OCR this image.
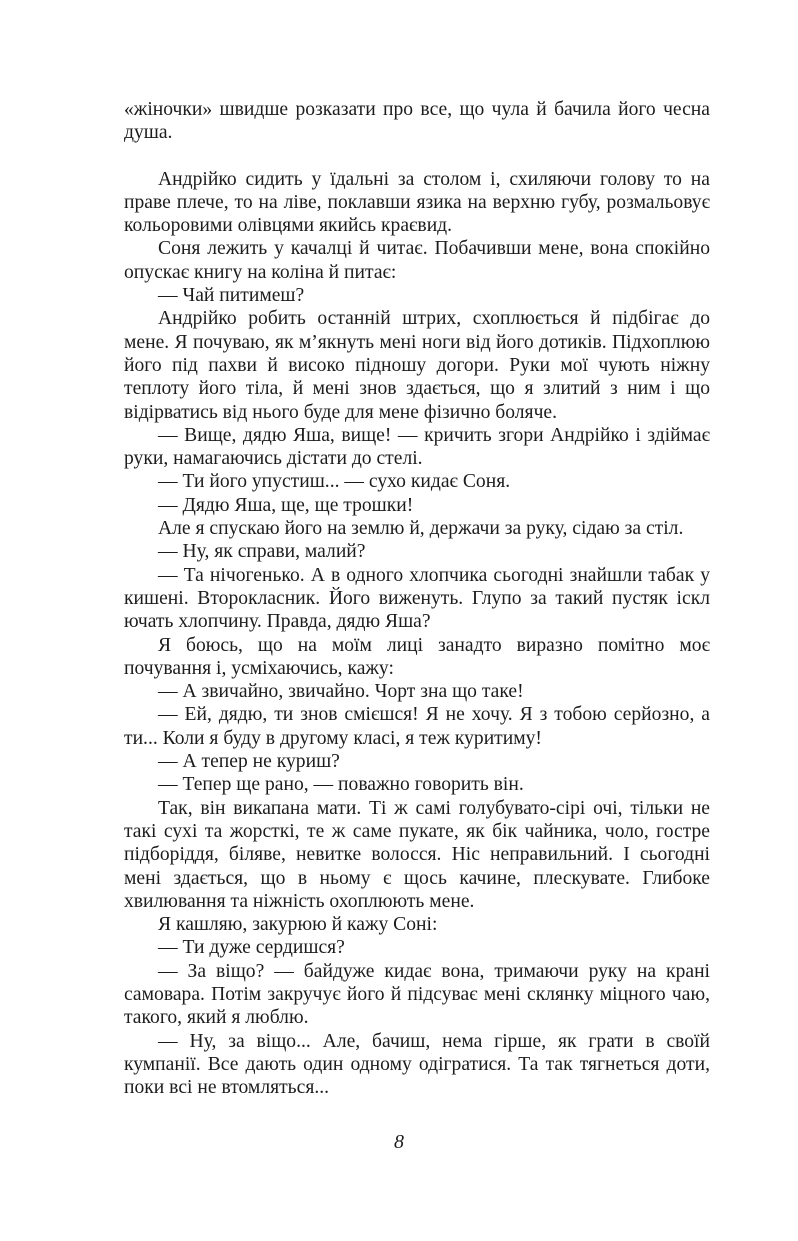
«жіночки» швидше розказати про все, що чула й бачила його чесна душа.

Андрійко сидить у їдальні за столом і, схиляючи голову то на праве плече, то на ліве, поклавши язика на верхню губу, розмальовує кольоровими олівцями якийсь краєвид.

Соня лежить у качалці й читає. Побачивши мене, вона спокійно опускає книгу на коліна й питає:

— Чай питимеш?

Андрійко робить останній штрих, схоплюється й підбігає до мене. Я почуваю, як м’якнуть мені ноги від його дотиків. Підхоплюю його під пахви й високо підношу догори. Руки мої чують ніжну теплоту його тіла, й мені знов здається, що я злитий з ним і що відірватись від нього буде для мене фізично боляче.

— Вище, дядю Яша, вище! — кричить згори Андрійко і здіймає руки, намагаючись дістати до стелі.

— Ти його упустиш... — сухо кидає Соня.

— Дядю Яша, ще, ще трошки!

Але я спускаю його на землю й, держачи за руку, сідаю за стіл.

— Ну, як справи, малий?

— Та нічогенько. А в одного хлопчика сьогодні знайшли табак у кишені. Второкласник. Його виженуть. Глупо за такий пустяк іскл ючать хлопчину. Правда, дядю Яша?

Я боюсь, що на моїм лиці занадто виразно помітно моє почування і, усміхаючись, кажу:

— А звичайно, звичайно. Чорт зна що таке!

— Ей, дядю, ти знов смієшся! Я не хочу. Я з тобою серйозно, а ти... Коли я буду в другому класі, я теж куритиму!

— А тепер не куриш?

— Тепер ще рано, — поважно говорить він.

Так, він викапана мати. Ті ж самі голубувато-сірі очі, тільки не такі сухі та жорсткі, те ж саме пукате, як бік чайника, чоло, гостре підборіддя, біляве, невитке волосся. Ніс неправильний. І сьогодні мені здається, що в ньому є щось качине, плескувате. Глибоке хвилювання та ніжність охоплюють мене.

Я кашляю, закурюю й кажу Соні:

— Ти дуже сердишся?

— За віщо? — байдуже кидає вона, тримаючи руку на крані самовара. Потім закручує його й підсуває мені склянку міцного чаю, такого, який я люблю.

— Ну, за віщо... Але, бачиш, нема гірше, як грати в своїй кумпанії. Все дають один одному одігратися. Та так тягнеться доти, поки всі не втомляться...

8
